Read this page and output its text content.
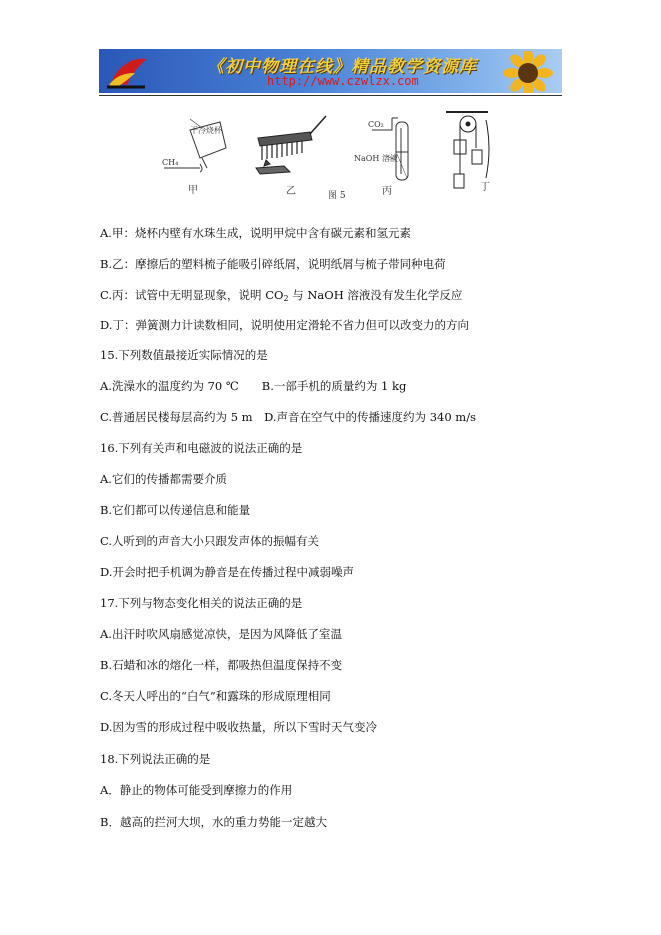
《初中物理在线》精品教学资源库
http://www.czwlzx.com
干冷烧杯
CH₄
CO₂
NaOH 溶液
甲	乙	丙	丁
图 5
A.甲：烧杯内壁有水珠生成，说明甲烷中含有碳元素和氢元素
B.乙：摩擦后的塑料梳子能吸引碎纸屑，说明纸屑与梳子带同种电荷
C.丙：试管中无明显现象，说明 $CO_2$ 与 NaOH 溶液没有发生化学反应
D.丁：弹簧测力计读数相同，说明使用定滑轮不省力但可以改变力的方向
15.下列数值最接近实际情况的是
A.洗澡水的温度约为 70 ℃　　B.一部手机的质量约为 1 kg
C.普通居民楼每层高约为 5 m　D.声音在空气中的传播速度约为 340 m/s
16.下列有关声和电磁波的说法正确的是
A.它们的传播都需要介质
B.它们都可以传递信息和能量
C.人听到的声音大小只跟发声体的振幅有关
D.开会时把手机调为静音是在传播过程中减弱噪声
17.下列与物态变化相关的说法正确的是
A.出汗时吹风扇感觉凉快，是因为风降低了室温
B.石蜡和冰的熔化一样，都吸热但温度保持不变
C.冬天人呼出的“白气”和露珠的形成原理相同
D.因为雪的形成过程中吸收热量，所以下雪时天气变冷
18.下列说法正确的是
A．静止的物体可能受到摩擦力的作用
B．越高的拦河大坝，水的重力势能一定越大
